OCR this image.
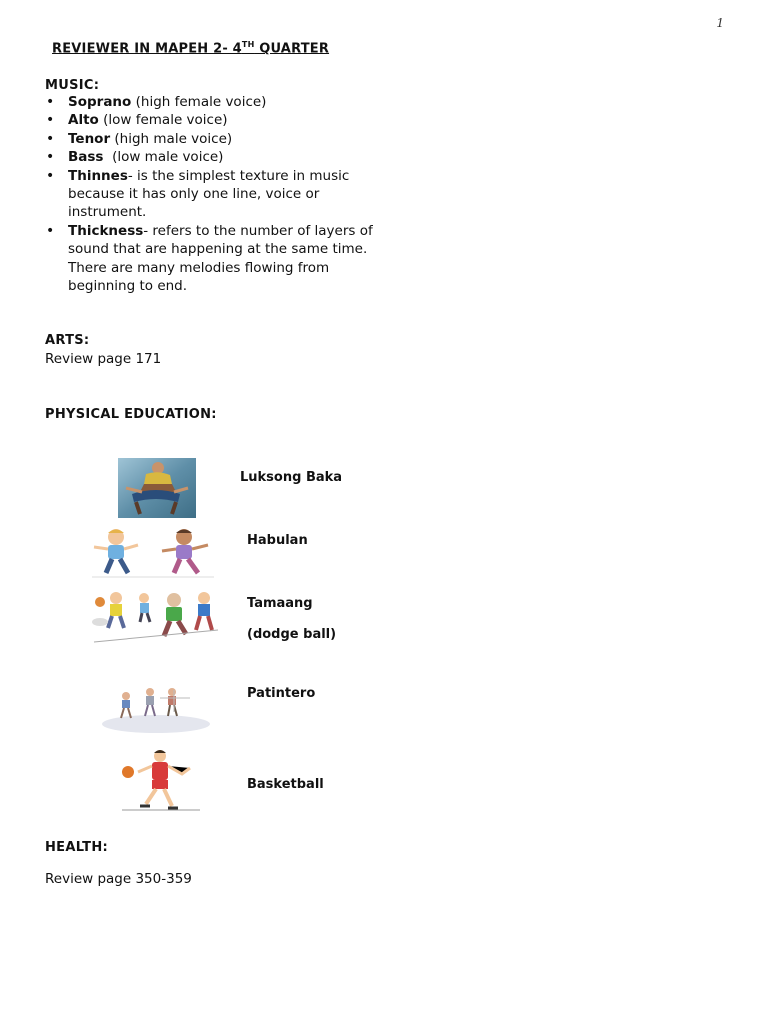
1
REVIEWER IN MAPEH 2- 4TH QUARTER
MUSIC:
• Soprano (high female voice)
• Alto (low female voice)
• Tenor (high male voice)
• Bass  (low male voice)
• Thinnes- is the simplest texture in music because it has only one line, voice or instrument.
• Thickness- refers to the number of layers of sound that are happening at the same time. There are many melodies flowing from beginning to end.
ARTS:
Review page 171
PHYSICAL EDUCATION:
Luksong Baka
Habulan
Tamaang
(dodge ball)
Patintero
Basketball
HEALTH:
Review page 350-359
